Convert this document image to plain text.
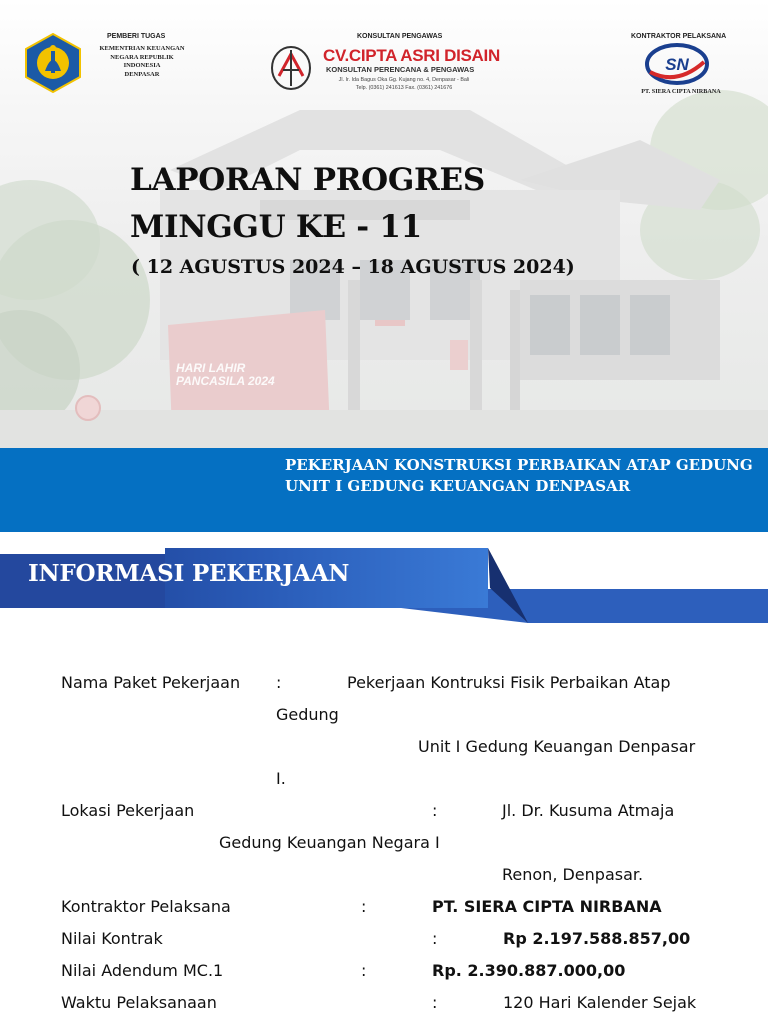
HARI LAHIR
PANCASILA 2024
PEMBERI TUGAS
KEMENTRIAN KEUANGAN
NEGARA REPUBLIK INDONESIA
DENPASAR
KONSULTAN PENGAWAS
CV.CIPTA ASRI DISAIN
KONSULTAN PERENCANA & PENGAWAS
Jl. Ir. Ida Bagus Oka Gg. Kujang no. 4, Denpasar - Bali
Telp. (0361) 241613 Fax. (0361) 241676
KONTRAKTOR PELAKSANA
SN
PT. SIERA CIPTA NIRBANA
LAPORAN PROGRES
MINGGU KE - 11
( 12 AGUSTUS 2024 – 18 AGUSTUS 2024)
PEKERJAAN KONSTRUKSI PERBAIKAN ATAP GEDUNG
UNIT I GEDUNG KEUANGAN DENPASAR
INFORMASI PEKERJAAN
Nama Paket Pekerjaan :	Pekerjaan Kontruksi Fisik Perbaikan Atap
Gedung
Unit I Gedung Keuangan Denpasar
I.
Lokasi Pekerjaan	:	Jl. Dr. Kusuma Atmaja
Gedung Keuangan Negara I
Renon, Denpasar.
Kontraktor Pelaksana	:	PT. SIERA CIPTA NIRBANA
Nilai Kontrak	:	Rp 2.197.588.857,00
Nilai Adendum MC.1	:	Rp. 2.390.887.000,00
Waktu Pelaksanaan	:	120 Hari Kalender Sejak
